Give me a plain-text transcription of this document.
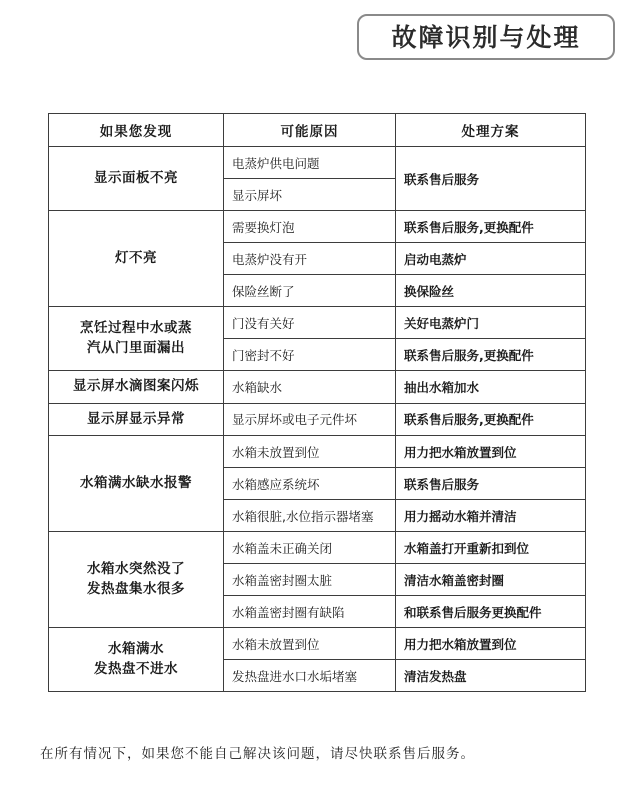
故障识别与处理
如果您发现	可能原因	处理方案
显示面板不亮	电蒸炉供电问题	联系售后服务
	显示屏坏	
灯不亮	需要换灯泡	联系售后服务,更换配件
	电蒸炉没有开	启动电蒸炉
	保险丝断了	换保险丝
烹饪过程中水或蒸
汽从门里面漏出	门没有关好	关好电蒸炉门
	门密封不好	联系售后服务,更换配件
显示屏水滴图案闪烁	水箱缺水	抽出水箱加水
显示屏显示异常	显示屏坏或电子元件坏	联系售后服务,更换配件
水箱满水缺水报警	水箱未放置到位	用力把水箱放置到位
	水箱感应系统坏	联系售后服务
	水箱很脏,水位指示器堵塞	用力摇动水箱并清洁
水箱水突然没了
发热盘集水很多	水箱盖未正确关闭	水箱盖打开重新扣到位
	水箱盖密封圈太脏	清洁水箱盖密封圈
	水箱盖密封圈有缺陷	和联系售后服务更换配件
水箱满水
发热盘不进水	水箱未放置到位	用力把水箱放置到位
	发热盘进水口水垢堵塞	清洁发热盘
在所有情况下，如果您不能自己解决该问题，请尽快联系售后服务。
